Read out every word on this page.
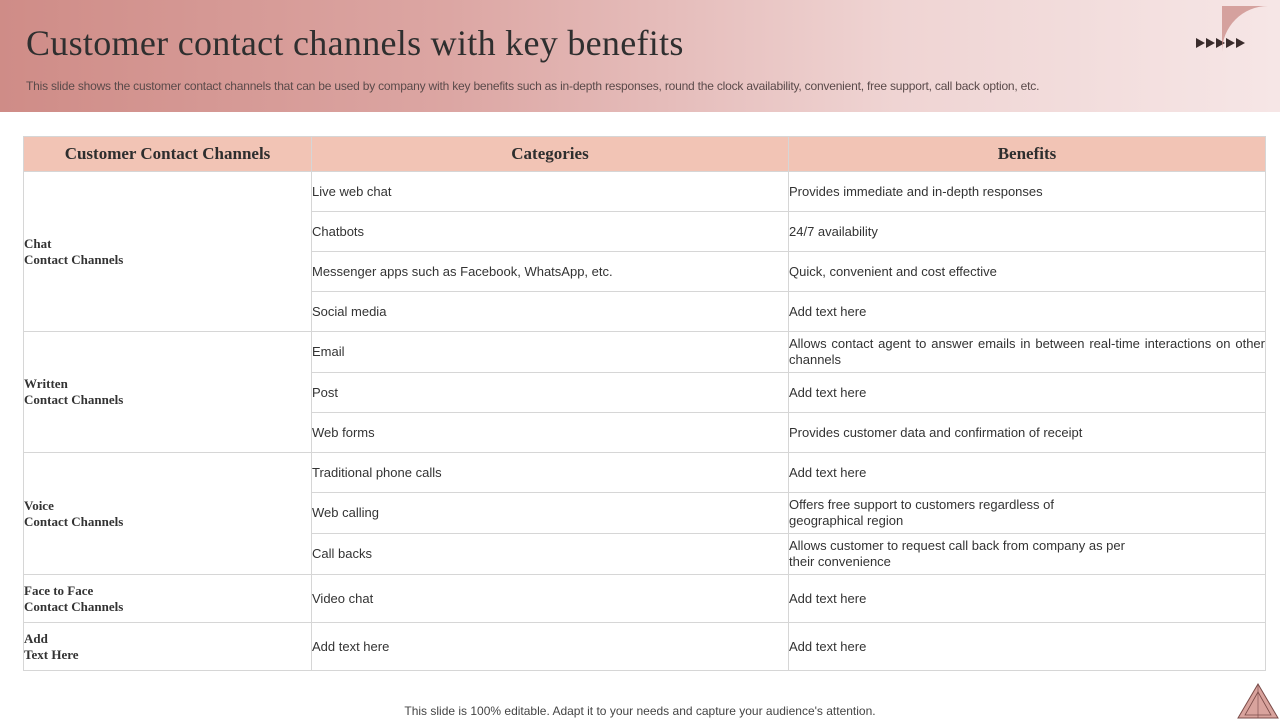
Customer contact channels with key benefits
This slide shows the customer contact channels that can be used by company with key benefits such as in-depth responses, round the clock availability, convenient, free support, call back option, etc.
Customer Contact Channels	Categories	Benefits
Chat
Contact Channels	Live web chat	Provides immediate and in-depth responses
	Chatbots	24/7 availability
	Messenger apps such as Facebook, WhatsApp, etc.	Quick, convenient and cost effective
	Social media	Add text here
Written
Contact Channels	Email	Allows contact agent to answer emails in between real-time interactions on other channels
	Post	Add text here
	Web forms	Provides customer data and confirmation of receipt
Voice
Contact Channels	Traditional phone calls	Add text here
	Web calling	Offers free support to customers regardless of
geographical region
	Call backs	Allows customer to request call back from company as per
their convenience
Face to Face
Contact Channels	Video chat	Add text here
Add
Text Here	Add text here	Add text here
This slide is 100% editable. Adapt it to your needs and capture your audience's attention.
